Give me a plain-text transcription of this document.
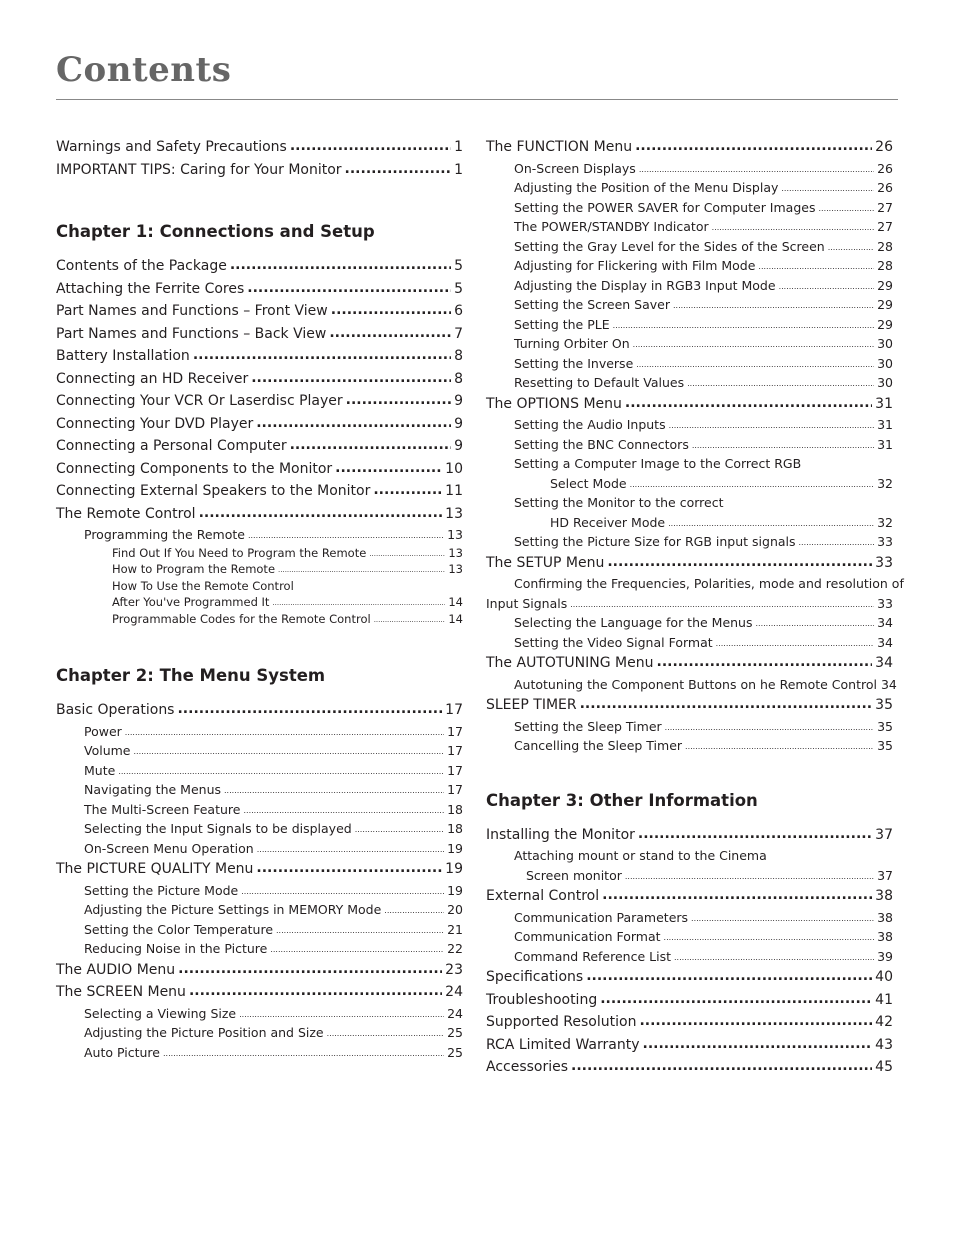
Contents
Warnings and Safety Precautions .....	1
IMPORTANT TIPS: Caring for Your Monitor .....	1
Chapter 1: Connections and Setup
Contents of the Package .....	5
Attaching the Ferrite Cores .....	5
Part Names and Functions – Front View .....	6
Part Names and Functions – Back View .....	7
Battery Installation .....	8
Connecting an HD Receiver .....	8
Connecting Your VCR Or Laserdisc Player .....	9
Connecting Your DVD Player .....	9
Connecting a Personal Computer .....	9
Connecting Components to the Monitor .....	10
Connecting External Speakers to the Monitor .....	11
The Remote Control .....	13
Programming the Remote .....	13
Find Out If You Need to Program the Remote .....	13
How to Program the Remote .....	13
How To Use the Remote Control
After You've Programmed It .....	14
Programmable Codes for the Remote Control .....	14
Chapter 2: The Menu System
Basic Operations .....	17
Power .....	17
Volume .....	17
Mute .....	17
Navigating the Menus .....	17
The Multi-Screen Feature .....	18
Selecting the Input Signals to be displayed .....	18
On-Screen Menu Operation .....	19
The PICTURE QUALITY Menu .....	19
Setting the Picture Mode .....	19
Adjusting the Picture Settings in MEMORY Mode .....	20
Setting the Color Temperature .....	21
Reducing Noise in the Picture .....	22
The AUDIO Menu .....	23
The SCREEN Menu .....	24
Selecting a Viewing Size .....	24
Adjusting the Picture Position and Size .....	25
Auto Picture .....	25
The FUNCTION Menu .....	26
On-Screen Displays .....	26
Adjusting the Position of the Menu Display .....	26
Setting the POWER SAVER for Computer Images .....	27
The POWER/STANDBY Indicator .....	27
Setting the Gray Level for the Sides of the Screen .....	28
Adjusting for Flickering with Film Mode .....	28
Adjusting the Display in RGB3 Input Mode .....	29
Setting the Screen Saver .....	29
Setting the PLE .....	29
Turning Orbiter On .....	30
Setting the Inverse .....	30
Resetting to Default Values .....	30
The OPTIONS Menu .....	31
Setting the Audio Inputs .....	31
Setting the BNC Connectors .....	31
Setting a Computer Image to the Correct RGB
Select Mode .....	32
Setting the Monitor to the correct
HD Receiver Mode .....	32
Setting the Picture Size for RGB input signals .....	33
The SETUP Menu .....	33
Confirming the Frequencies, Polarities, mode and resolution of
Input Signals .....	33
Selecting the Language for the Menus .....	34
Setting the Video Signal Format .....	34
The AUTOTUNING Menu .....	34
Autotuning the Component Buttons on he Remote Control 34
SLEEP TIMER .....	35
Setting the Sleep Timer .....	35
Cancelling the Sleep Timer .....	35
Chapter 3: Other Information
Installing the Monitor .....	37
Attaching mount or stand to the Cinema
Screen monitor .....	37
External Control .....	38
Communication Parameters .....	38
Communication Format .....	38
Command Reference List .....	39
Specifications .....	40
Troubleshooting .....	41
Supported Resolution .....	42
RCA Limited Warranty .....	43
Accessories .....	45
